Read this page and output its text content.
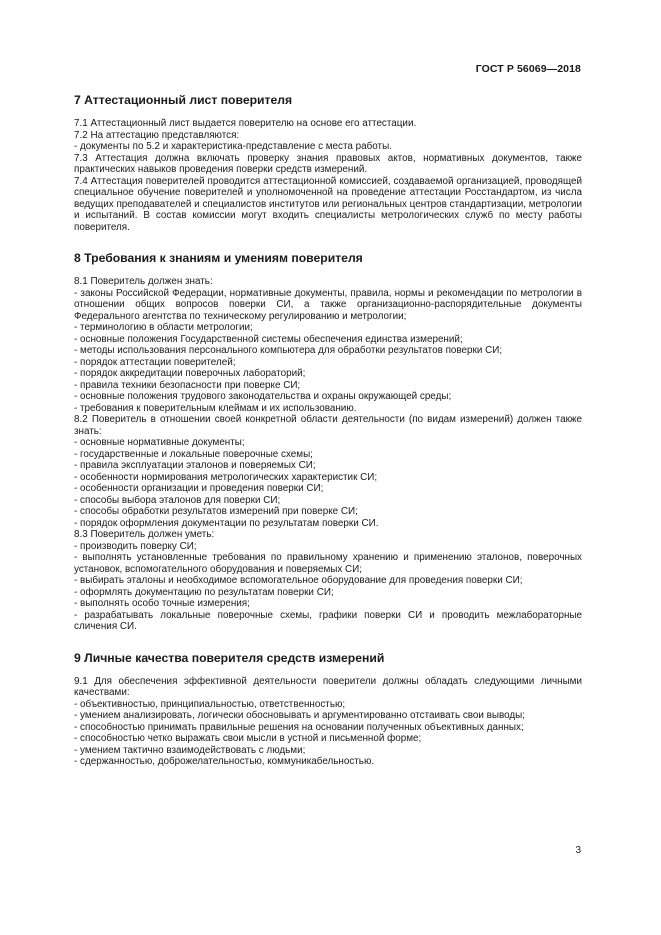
ГОСТ Р 56069—2018
7 Аттестационный лист поверителя

7.1 Аттестационный лист выдается поверителю на основе его аттестации.

7.2 На аттестацию представляются:

- документы по 5.2 и характеристика-представление с места работы.

7.3 Аттестация должна включать проверку знания правовых актов, нормативных документов, также практических навыков проведения поверки средств измерений.

7.4 Аттестация поверителей проводится аттестационной комиссией, создаваемой организацией, проводящей специальное обучение поверителей и уполномоченной на проведение аттестации Росстандартом, из числа ведущих преподавателей и специалистов институтов или региональных центров стандартизации, метрологии и испытаний. В состав комиссии могут входить специалисты метрологических служб по месту работы поверителя.

8 Требования к знаниям и умениям поверителя

8.1 Поверитель должен знать:

- законы Российской Федерации, нормативные документы, правила, нормы и рекомендации по метрологии в отношении общих вопросов поверки СИ, а также организационно-распорядительные документы Федерального агентства по техническому регулированию и метрологии;

- терминологию в области метрологии;

- основные положения Государственной системы обеспечения единства измерений;

- методы использования персонального компьютера для обработки результатов поверки СИ;

- порядок аттестации поверителей;

- порядок аккредитации поверочных лабораторий;

- правила техники безопасности при поверке СИ;

- основные положения трудового законодательства и охраны окружающей среды;

- требования к поверительным клеймам и их использованию.

8.2 Поверитель в отношении своей конкретной области деятельности (по видам измерений) должен также знать:

- основные нормативные документы;

- государственные и локальные поверочные схемы;

- правила эксплуатации эталонов и поверяемых СИ;

- особенности нормирования метрологических характеристик СИ;

- особенности организации и проведения поверки СИ;

- способы выбора эталонов для поверки СИ;

- способы обработки результатов измерений при поверке СИ;

- порядок оформления документации по результатам поверки СИ.

8.3 Поверитель должен уметь:

- производить поверку СИ;

- выполнять установленные требования по правильному хранению и применению эталонов, поверочных установок, вспомогательного оборудования и поверяемых СИ;

- выбирать эталоны и необходимое вспомогательное оборудование для проведения поверки СИ;

- оформлять документацию по результатам поверки СИ;

- выполнять особо точные измерения;

- разрабатывать локальные поверочные схемы, графики поверки СИ и проводить межлабораторные сличения СИ.

9 Личные качества поверителя средств измерений

9.1 Для обеспечения эффективной деятельности поверители должны обладать следующими личными качествами:

- объективностью, принципиальностью, ответственностью;

- умением анализировать, логически обосновывать и аргументированно отстаивать свои выводы;

- способностью принимать правильные решения на основании полученных объективных данных;

- способностью четко выражать свои мысли в устной и письменной форме;

- умением тактично взаимодействовать с людьми;

- сдержанностью, доброжелательностью, коммуникабельностью.

3
